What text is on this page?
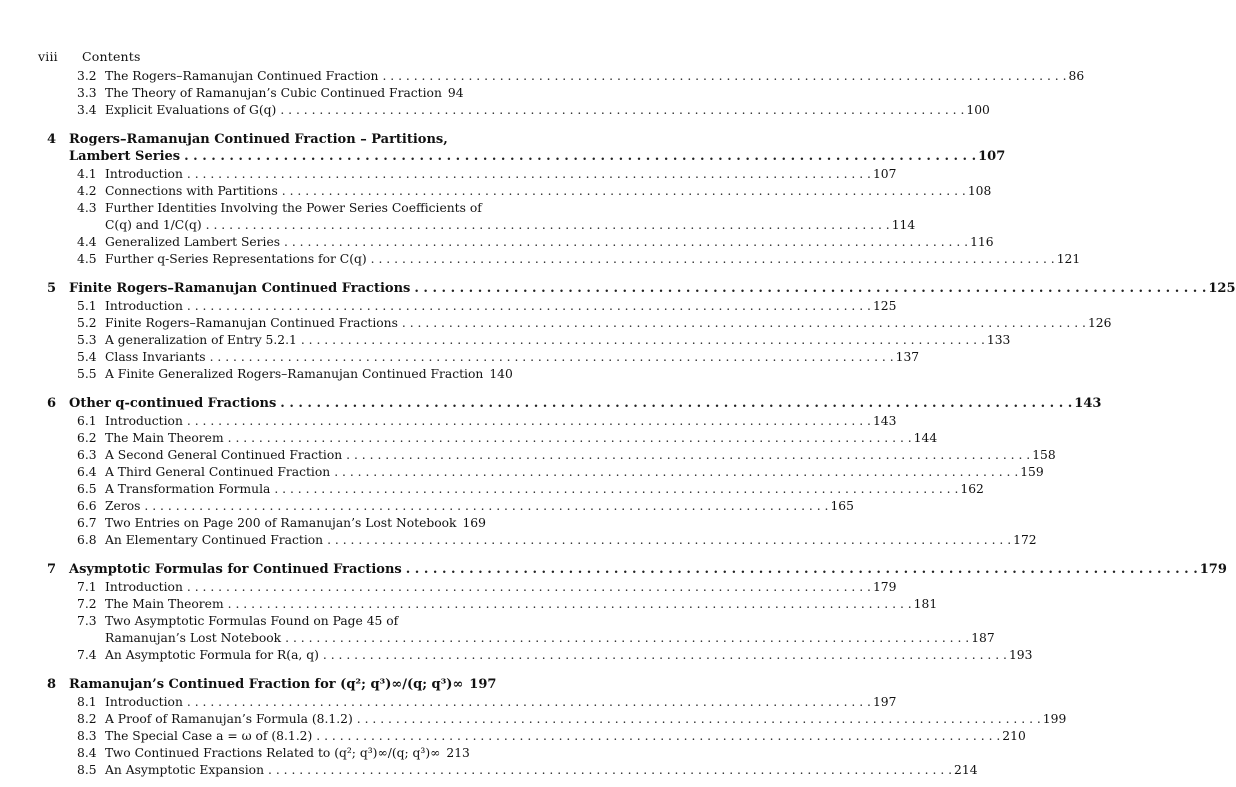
viii Contents
3.2 The Rogers–Ramanujan Continued Fraction . . .	86
3.3 The Theory of Ramanujan’s Cubic Continued Fraction 94
3.4 Explicit Evaluations of G(q) . . .	100
4 Rogers–Ramanujan Continued Fraction – Partitions,
Lambert Series . . .	107
4.1 Introduction . . .	107
4.2 Connections with Partitions . . .	108
4.3 Further Identities Involving the Power Series Coefficients of
C(q) and 1/C(q) . . .	114
4.4 Generalized Lambert Series . . .	116
4.5 Further q-Series Representations for C(q) . . .	121
5 Finite Rogers–Ramanujan Continued Fractions . . .	125
5.1 Introduction . . .	125
5.2 Finite Rogers–Ramanujan Continued Fractions . . .	126
5.3 A generalization of Entry 5.2.1 . . .	133
5.4 Class Invariants . . .	137
5.5 A Finite Generalized Rogers–Ramanujan Continued Fraction 140
6 Other q-continued Fractions . . .	143
6.1 Introduction . . .	143
6.2 The Main Theorem . . .	144
6.3 A Second General Continued Fraction . . .	158
6.4 A Third General Continued Fraction . . .	159
6.5 A Transformation Formula . . .	162
6.6 Zeros . . .	165
6.7 Two Entries on Page 200 of Ramanujan’s Lost Notebook 169
6.8 An Elementary Continued Fraction . . .	172
7 Asymptotic Formulas for Continued Fractions . . .	179
7.1 Introduction . . .	179
7.2 The Main Theorem . . .	181
7.3 Two Asymptotic Formulas Found on Page 45 of
Ramanujan’s Lost Notebook . . .	187
7.4 An Asymptotic Formula for R(a, q) . . .	193
8 Ramanujan’s Continued Fraction for (q²; q³)∞/(q; q³)∞ 197
8.1 Introduction . . .	197
8.2 A Proof of Ramanujan’s Formula (8.1.2) . . .	199
8.3 The Special Case a = ω of (8.1.2) . . .	210
8.4 Two Continued Fractions Related to (q²; q³)∞/(q; q³)∞ 213
8.5 An Asymptotic Expansion . . .	214
